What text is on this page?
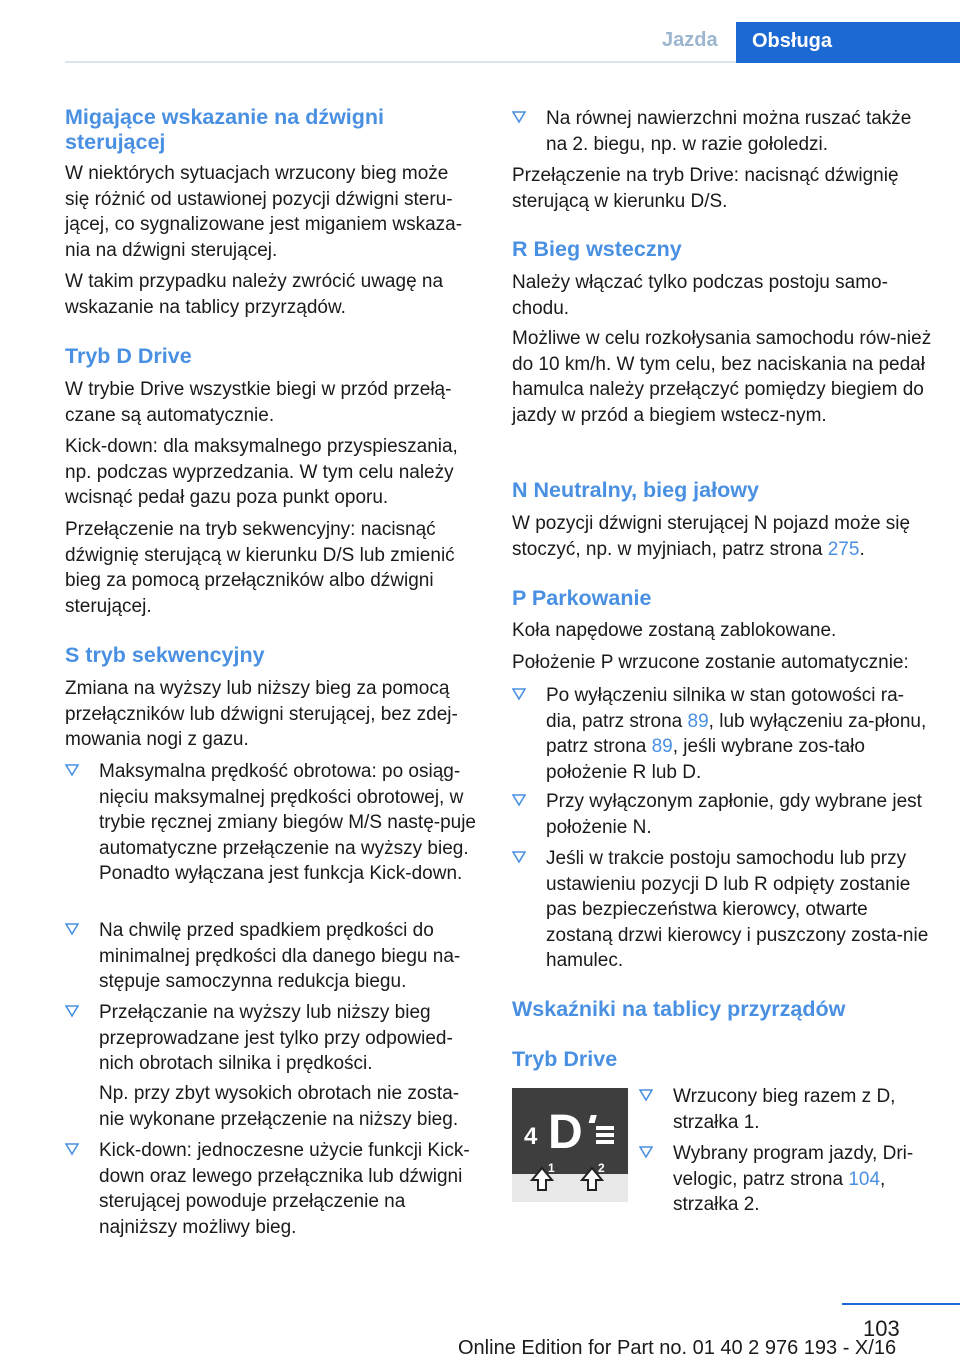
Jazda	Obsługa

Migające wskazanie na dźwigni sterującej

W niektórych sytuacjach wrzucony bieg może się różnić od ustawionej pozycji dźwigni steru‐jącej, co sygnalizowane jest miganiem wskaza‐nia na dźwigni sterującej.

W takim przypadku należy zwrócić uwagę na wskazanie na tablicy przyrządów.

Tryb D Drive

W trybie Drive wszystkie biegi w przód przełą‐czane są automatycznie.

Kick-down: dla maksymalnego przyspieszania, np. podczas wyprzedzania. W tym celu należy wcisnąć pedał gazu poza punkt oporu.

Przełączenie na tryb sekwencyjny: nacisnąć dźwignię sterującą w kierunku D/S lub zmienić bieg za pomocą przełączników albo dźwigni sterującej.

S tryb sekwencyjny

Zmiana na wyższy lub niższy bieg za pomocą przełączników lub dźwigni sterującej, bez zdej‐mowania nogi z gazu.

Maksymalna prędkość obrotowa: po osiąg‐nięciu maksymalnej prędkości obrotowej, w trybie ręcznej zmiany biegów M/S nastę‐puje automatyczne przełączenie na wyższy bieg. Ponadto wyłączana jest funkcja Kick-down.
Na chwilę przed spadkiem prędkości do minimalnej prędkości dla danego biegu na‐stępuje samoczynna redukcja biegu.
Przełączanie na wyższy lub niższy bieg przeprowadzane jest tylko przy odpowied‐nich obrotach silnika i prędkości.

Np. przy zbyt wysokich obrotach nie zosta‐nie wykonane przełączenie na niższy bieg.

Kick-down: jednoczesne użycie funkcji Kick-down oraz lewego przełącznika lub dźwigni sterującej powoduje przełączenie na najniższy możliwy bieg.
Na równej nawierzchni można ruszać także na 2. biegu, np. w razie gołoledzi.

Przełączenie na tryb Drive: nacisnąć dźwignię sterującą w kierunku D/S.

R Bieg wsteczny

Należy włączać tylko podczas postoju samo‐chodu.

Możliwe w celu rozkołysania samochodu rów‐nież do 10 km/h. W tym celu, bez naciskania na pedał hamulca należy przełączyć pomiędzy biegiem do jazdy w przód a biegiem wstecz‐nym.

N Neutralny, bieg jałowy

W pozycji dźwigni sterującej N pojazd może się stoczyć, np. w myjniach, patrz strona 275.

P Parkowanie

Koła napędowe zostaną zablokowane.

Położenie P wrzucone zostanie automatycznie:

Po wyłączeniu silnika w stan gotowości ra‐dia, patrz strona 89, lub wyłączeniu za‐płonu, patrz strona 89, jeśli wybrane zos‐tało położenie R lub D.
Przy wyłączonym zapłonie, gdy wybrane jest położenie N.
Jeśli w trakcie postoju samochodu lub przy ustawieniu pozycji D lub R odpięty zostanie pas bezpieczeństwa kierowcy, otwarte zostaną drzwi kierowcy i puszczony zosta‐nie hamulec.

Wskaźniki na tablicy przyrządów

Tryb Drive

4 D
1	2
Wrzucony bieg razem z D, strzałka 1.
Wybrany program jazdy, Dri‐velogic, patrz strona 104, strzałka 2.
103
Online Edition for Part no. 01 40 2 976 193 - X/16
